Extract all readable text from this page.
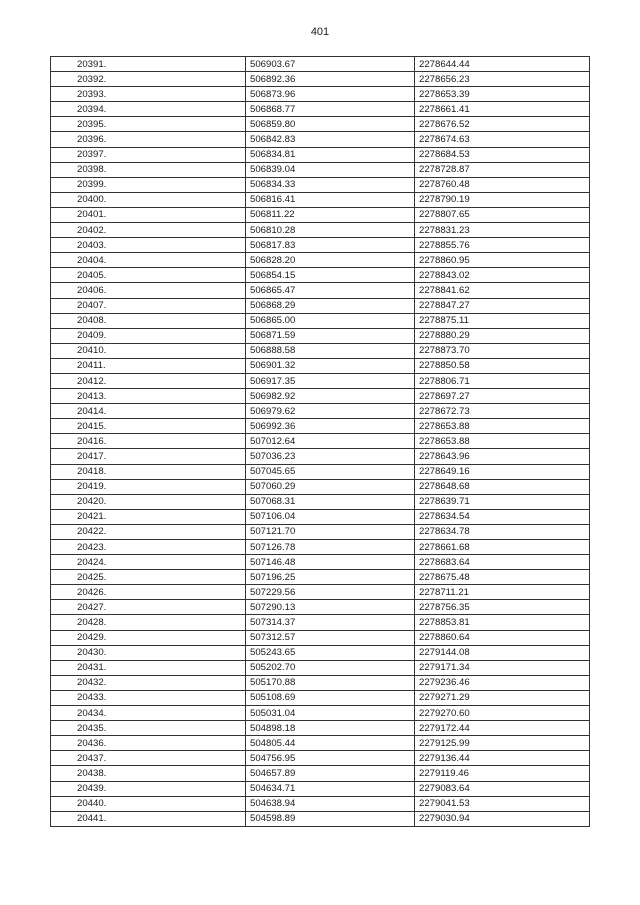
401
20391.	506903.67	2278644.44
20392.	506892.36	2278656.23
20393.	506873.96	2278653.39
20394.	506868.77	2278661.41
20395.	506859.80	2278676.52
20396.	506842.83	2278674.63
20397.	506834.81	2278684.53
20398.	506839.04	2278728.87
20399.	506834.33	2278760.48
20400.	506816.41	2278790.19
20401.	506811.22	2278807.65
20402.	506810.28	2278831.23
20403.	506817.83	2278855.76
20404.	506828.20	2278860.95
20405.	506854.15	2278843.02
20406.	506865.47	2278841.62
20407.	506868.29	2278847.27
20408.	506865.00	2278875.11
20409.	506871.59	2278880.29
20410.	506888.58	2278873.70
20411.	506901.32	2278850.58
20412.	506917.35	2278806.71
20413.	506982.92	2278697.27
20414.	506979.62	2278672.73
20415.	506992.36	2278653.88
20416.	507012.64	2278653.88
20417.	507036.23	2278643.96
20418.	507045.65	2278649.16
20419.	507060.29	2278648.68
20420.	507068.31	2278639.71
20421.	507106.04	2278634.54
20422.	507121.70	2278634.78
20423.	507126.78	2278661.68
20424.	507146.48	2278683.64
20425.	507196.25	2278675.48
20426.	507229.56	2278711.21
20427.	507290.13	2278756.35
20428.	507314.37	2278853.81
20429.	507312.57	2278860.64
20430.	505243.65	2279144.08
20431.	505202.70	2279171.34
20432.	505170.88	2279236.46
20433.	505108.69	2279271.29
20434.	505031.04	2279270.60
20435.	504898.18	2279172.44
20436.	504805.44	2279125.99
20437.	504756.95	2279136.44
20438.	504657.89	2279119.46
20439.	504634.71	2279083.64
20440.	504638.94	2279041.53
20441.	504598.89	2279030.94
